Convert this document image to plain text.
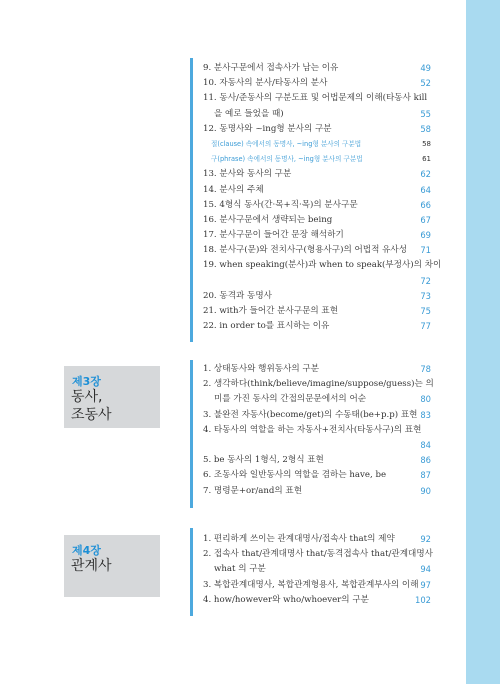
9. 분사구문에서 접속사가 남는 이유	49
10. 자동사의 분사/타동사의 분사	52
11. 동사/준동사의 구분도표 및 어법문제의 이해(타동사 kill
을 예로 들었을 때)	55
12. 동명사와 ~ing형 분사의 구분	58
절(clause) 속에서의 동명사, ~ing형 분사의 구분법	58
구(phrase) 속에서의 동명사, ~ing형 분사의 구분법	61
13. 분사와 동사의 구분	62
14. 분사의 주체	64
15. 4형식 동사(간·목+직·목)의 분사구문	66
16. 분사구문에서 생략되는 being	67
17. 분사구문이 들어간 문장 해석하기	69
18. 분사구(문)와 전치사구(형용사구)의 어법적 유사성 71
19. when speaking(분사)과 when to speak(부정사)의 차이
72
20. 동격과 동명사	73
21. with가 들어간 분사구문의 표현	75
22. in order to를 표시하는 이유	77
제3장
동사,
조동사
1. 상태동사와 행위동사의 구분	78
2. 생각하다(think/believe/imagine/suppose/guess)는 의
미를 가진 동사의 간접의문문에서의 어순	80
3. 불완전 자동사(become/get)의 수동태(be+p.p) 표현 83
4. 타동사의 역할을 하는 자동사+전치사(타동사구)의 표현
84
5. be 동사의 1형식, 2형식 표현	86
6. 조동사와 일반동사의 역할을 겸하는 have, be	87
7. 명령문+or/and의 표현	90
제4장
관계사
1. 편리하게 쓰이는 관계대명사/접속사 that의 제약	92
2. 접속사 that/관계대명사 that/동격접속사 that/관계대명사
what 의 구분	94
3. 복합관계대명사, 복합관계형용사, 복합관계부사의 이해 97
4. how/however와 who/whoever의 구분	102
